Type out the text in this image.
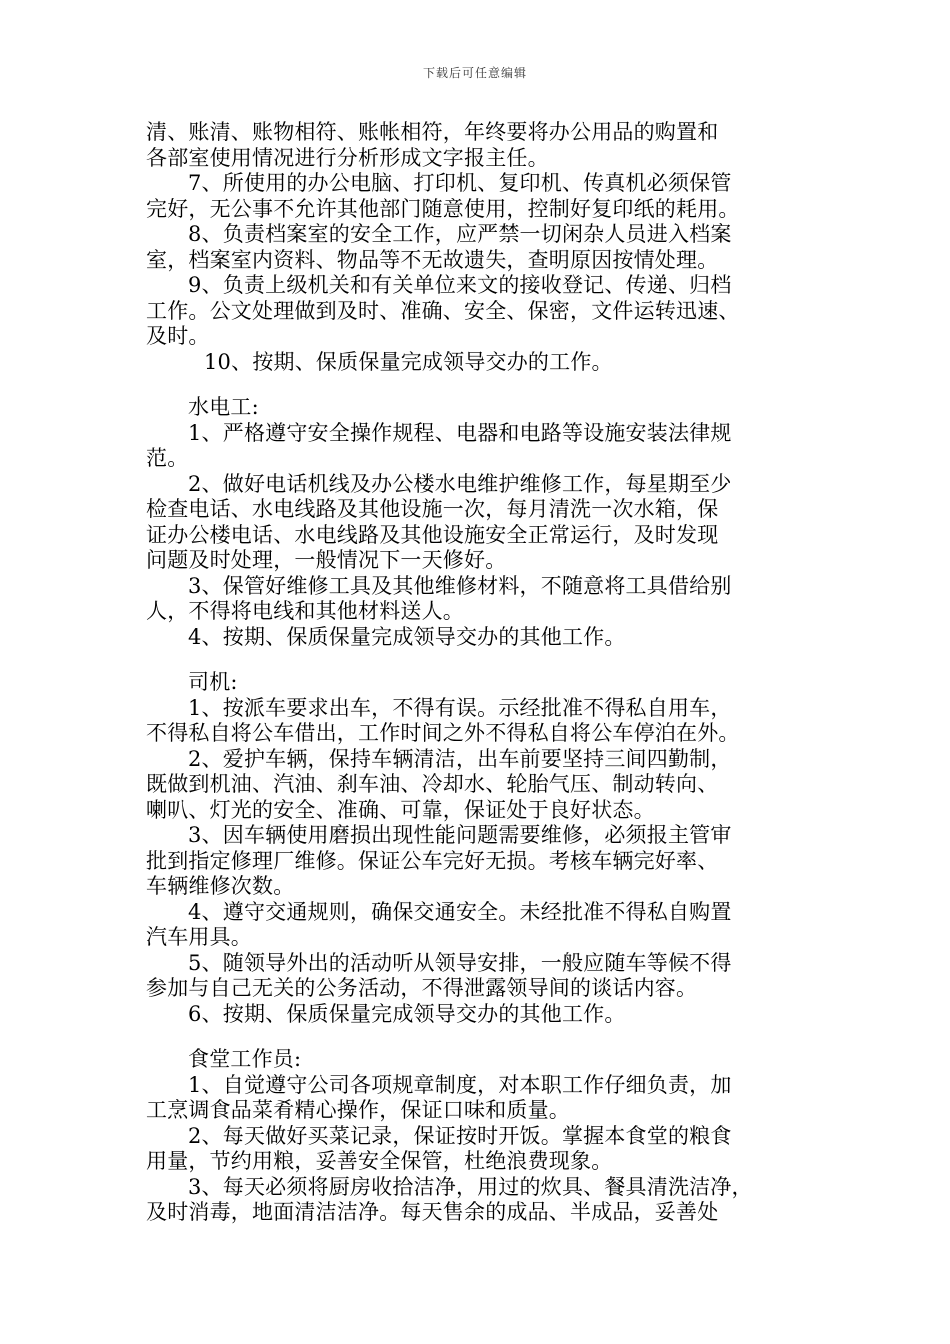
下载后可任意编辑
清、账清、账物相符、账帐相符，年终要将办公用品的购置和
各部室使用情况进行分析形成文字报主任。
7、所使用的办公电脑、打印机、复印机、传真机必须保管
完好，无公事不允许其他部门随意使用，控制好复印纸的耗用。
8、负责档案室的安全工作，应严禁一切闲杂人员进入档案
室，档案室内资料、物品等不无故遗失，查明原因按情处理。
9、负责上级机关和有关单位来文的接收登记、传递、归档
工作。公文处理做到及时、准确、安全、保密，文件运转迅速、
及时。
10、按期、保质保量完成领导交办的工作。
水电工:
1、严格遵守安全操作规程、电器和电路等设施安装法律规
范。
2、做好电话机线及办公楼水电维护维修工作，每星期至少
检查电话、水电线路及其他设施一次，每月清洗一次水箱，保
证办公楼电话、水电线路及其他设施安全正常运行，及时发现
问题及时处理，一般情况下一天修好。
3、保管好维修工具及其他维修材料，不随意将工具借给别
人，不得将电线和其他材料送人。
4、按期、保质保量完成领导交办的其他工作。
司机:
1、按派车要求出车，不得有误。示经批准不得私自用车，
不得私自将公车借出，工作时间之外不得私自将公车停泊在外。
2、爱护车辆，保持车辆清洁，出车前要坚持三间四勤制，
既做到机油、汽油、刹车油、冷却水、轮胎气压、制动转向、
喇叭、灯光的安全、准确、可靠，保证处于良好状态。
3、因车辆使用磨损出现性能问题需要维修，必须报主管审
批到指定修理厂维修。保证公车完好无损。考核车辆完好率、
车辆维修次数。
4、遵守交通规则，确保交通安全。未经批准不得私自购置
汽车用具。
5、随领导外出的活动听从领导安排，一般应随车等候不得
参加与自己无关的公务活动，不得泄露领导间的谈话内容。
6、按期、保质保量完成领导交办的其他工作。
食堂工作员:
1、自觉遵守公司各项规章制度，对本职工作仔细负责，加
工烹调食品菜肴精心操作，保证口味和质量。
2、每天做好买菜记录，保证按时开饭。掌握本食堂的粮食
用量，节约用粮，妥善安全保管，杜绝浪费现象。
3、每天必须将厨房收拾洁净，用过的炊具、餐具清洗洁净，
及时消毒，地面清洁洁净。每天售余的成品、半成品，妥善处
